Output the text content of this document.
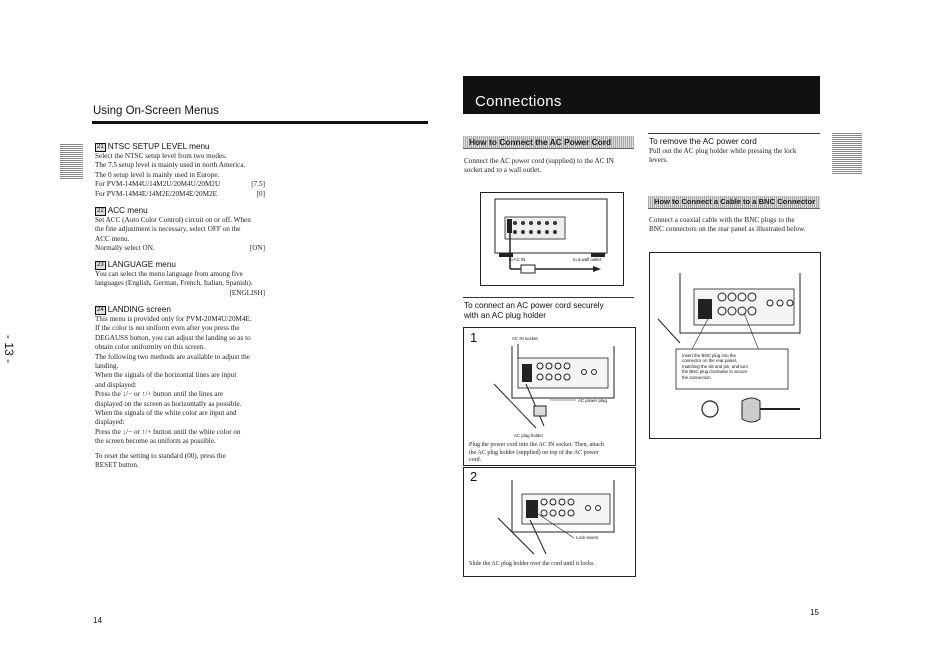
Using On-Screen Menus
- 13 -
21 NTSC SETUP LEVEL menu
Select the NTSC setup level from two modes.
The 7.5 setup level is mainly used in north America.
The 0 setup level is mainly used in Europe.
For PVM-14M4U/14M2U/20M4U/20M2U	[7.5]
For PVM-14M4E/14M2E/20M4E/20M2E	[0]
22 ACC menu
Set ACC (Auto Color Control) circuit on or off. When
the fine adjustment is necessary, select OFF on the
ACC menu.
Normally select ON.	[ON]
23 LANGUAGE menu
You can select the menu language from among five
languages (English, German, French, Italian, Spanish).
[ENGLISH]
24 LANDING screen
This menu is provided only for PVM-20M4U/20M4E.
If the color is not uniform even after you press the
DEGAUSS button, you can adjust the landing so as to
obtain color uniformity on this screen.
The following two methods are available to adjust the
landing.
When the signals of the horizontal lines are input
and displayed:
Press the ↓/− or ↑/+ button until the lines are
displayed on the screen as horizontally as possible.
When the signals of the white color are input and
displayed:
Press the ↓/− or ↑/+ button until the white color on
the screen become as uniform as possible.
To reset the setting to standard (00), press the
RESET button.
14
Connections
How to Connect the AC Power Cord
Connect the AC power cord (supplied) to the AC IN
socket and to a wall outlet.
to AC IN	to a wall outlet
To connect an AC power cord securely
with an AC plug holder
1	AC IN socket
AC power plug
AC plug holder
Plug the power cord into the AC IN socket. Then, attach
the AC plug holder (supplied) on top of the AC power
cord.
2
Lock levers
Slide the AC plug holder over the cord until it locks.
To remove the AC power cord
Pull out the AC plug holder while pressing the lock
levers.
How to Connect a Cable to a BNC Connector
Connect a coaxial cable with the BNC plugs to the
BNC connectors on the rear panel as illustrated below.
Insert the BNC plug into the
connector on the rear panel,
matching the slit and pin, and turn
the BNC plug clockwise to secure
the connection.
15
